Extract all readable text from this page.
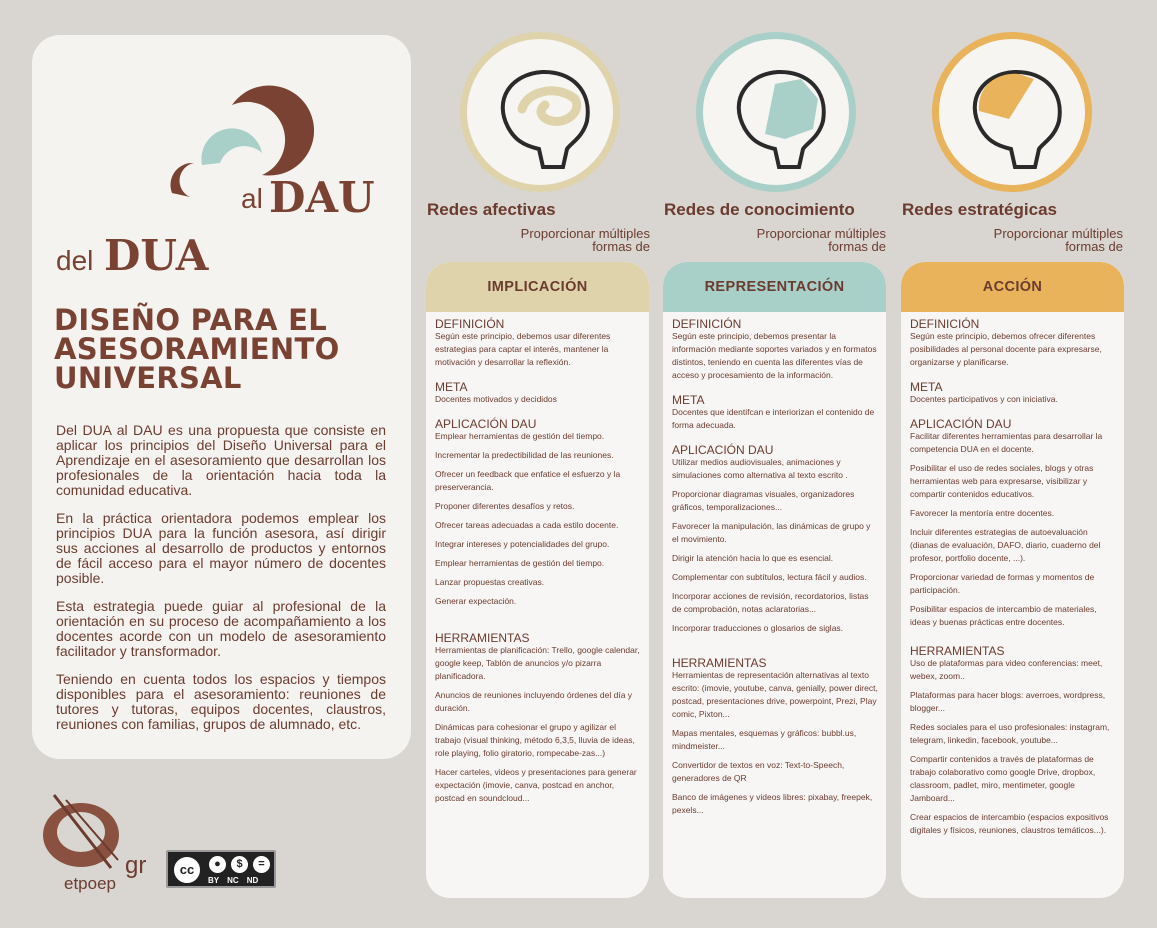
al DAU
del DUA
DISEÑO PARA EL ASESORAMIENTO UNIVERSAL

Del DUA al DAU es una propuesta que consiste en aplicar los principios del Diseño Universal para el Aprendizaje en el asesoramiento que desarrollan los profesionales de la orientación hacia toda la comunidad educativa.

En la práctica orientadora podemos emplear los principios DUA para la función asesora, así dirigir sus acciones al desarrollo de productos y entornos de fácil acceso para el mayor número de docentes posible.

Esta estrategia puede guiar al profesional de la orientación en su proceso de acompañamiento a los docentes acorde con un modelo de asesoramiento facilitador y transformador.

Teniendo en cuenta todos los espacios y tiempos disponibles para el asesoramiento: reuniones de tutores y tutoras, equipos docentes, claustros, reuniones con familias, grupos de alumnado, etc.

gr
etpoep
cc	●	$	=
BY NC ND
Redes afectivas
Proporcionar múltiples
formas de
Redes de conocimiento
Proporcionar múltiples
formas de
Redes estratégicas
Proporcionar múltiples
formas de
IMPLICACIÓN
DEFINICIÓN
Según este principio, debemos usar diferentes estrategias para captar el interés, mantener la motivación y desarrollar la reflexión.
META
Docentes motivados y decididos
APLICACIÓN DAU
Emplear herramientas de gestión del tiempo.
Incrementar la predectibilidad de las reuniones.
Ofrecer un feedback que enfatice el esfuerzo y la preserverancia.
Proponer diferentes desafíos y retos.
Ofrecer tareas adecuadas a cada estilo docente.
Integrar intereses y potencialidades del grupo.
Emplear herramientas de gestión del tiempo.
Lanzar propuestas creativas.
Generar expectación.
HERRAMIENTAS
Herramientas de planificación: Trello, google calendar, google keep, Tablón de anuncios y/o pizarra planificadora.
Anuncios de reuniones incluyendo órdenes del día y duración.
Dinámicas para cohesionar el grupo y agilizar el trabajo (visual thinking, método 6,3,5, lluvia de ideas, role playing, folio giratorio, rompecabe-zas...)
Hacer carteles, videos y presentaciones para generar expectación (imovie, canva, postcad en anchor, postcad en soundcloud...
REPRESENTACIÓN
DEFINICIÓN
Según este principio, debemos presentar la información mediante soportes variados y en formatos distintos, teniendo en cuenta las diferentes vías de acceso y procesamiento de la información.
META
Docentes que identifcan e interiorizan el contenido de forma adecuada.
APLICACIÓN DAU
Utilizar medios audiovisuales, animaciones y simulaciones como alternativa al texto escrito .
Proporcionar diagramas visuales, organizadores gráficos, temporalizaciones...
Favorecer la manipulación, las dinámicas de grupo y el movimiento.
Dirigir la atención hacia lo que es esencial.
Complementar con subtítulos, lectura fácil y audios.
Incorporar acciones de revisión, recordatorios, listas de comprobación, notas aclaratorias...
Incorporar traducciones o glosarios de siglas.
HERRAMIENTAS
Herramientas de representación alternativas al texto escrito: (imovie, youtube, canva, genially, power direct, postcad, presentaciones drive, powerpoint, Prezi, Play comic, Pixton...
Mapas mentales, esquemas y gráficos: bubbl.us, mindmeister...
Convertidor de textos en voz: Text-to-Speech, generadores de QR
Banco de imágenes y videos libres: pixabay, freepek, pexels...
ACCIÓN
DEFINICIÓN
Según este principio, debemos ofrecer diferentes posibilidades al personal docente para expresarse, organizarse y planificarse.
META
Docentes participativos y con iniciativa.
APLICACIÓN DAU
Facilitar diferentes herramientas para desarrollar la competencia DUA en el docente.
Posibilitar el uso de redes sociales, blogs y otras herramientas web para expresarse, visibilizar y compartir contenidos educativos.
Favorecer la mentoría entre docentes.
Incluir diferentes estrategias de autoevaluación (dianas de evaluación, DAFO, diario, cuaderno del profesor, portfolio docente, ...).
Proporcionar variedad de formas y momentos de participación.
Posibilitar espacios de intercambio de materiales, ideas y buenas prácticas entre docentes.
HERRAMIENTAS
Uso de plataformas para video conferencias: meet, webex, zoom..
Plataformas para hacer blogs: averroes, wordpress, blogger...
Redes sociales para el uso profesionales: instagram, telegram, linkedin, facebook, youtube...
Compartir contenidos a través de plataformas de trabajo colaborativo como google Drive, dropbox, classroom, padlet, miro, mentimeter, google Jamboard...
Crear espacios de intercambio (espacios expositivos digitales y físicos, reuniones, claustros temáticos...).
